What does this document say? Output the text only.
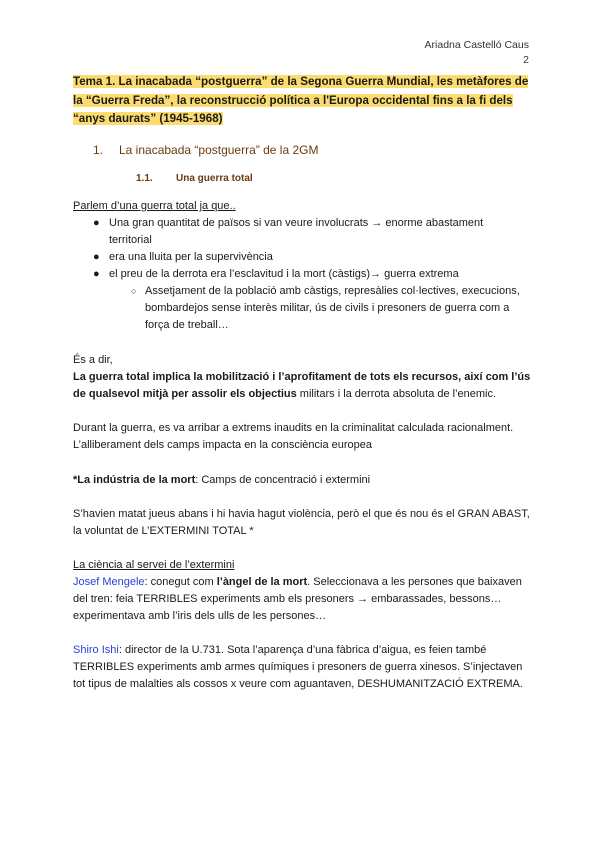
Ariadna Castelló Caus
2
Tema 1. La inacabada “postguerra” de la Segona Guerra Mundial, les metàfores de la “Guerra Freda”, la reconstrucció política a l'Europa occidental fins a la fi dels “anys daurats” (1945-1968)
1. La inacabada “postguerra” de la 2GM
1.1. Una guerra total
Parlem d’una guerra total ja que..
● Una gran quantitat de països si van veure involucrats → enorme abastament territorial
● era una lluita per la supervivència
● el preu de la derrota era l’esclavitud i la mort (càstigs)→ guerra extrema
○ Assetjament de la població amb càstigs, represàlies col·lectives, execucions, bombardejos sense interès militar, ús de civils i presoners de guerra com a força de treball…
És a dir,
La guerra total implica la mobilització i l’aprofitament de tots els recursos, així com l’ús de qualsevol mitjà per assolir els objectius militars i la derrota absoluta de l’enemic.
Durant la guerra, es va arribar a extrems inaudits en la criminalitat calculada racionalment.
L’alliberament dels camps impacta en la consciència europea
*La indústria de la mort: Camps de concentració i extermini
S’havien matat jueus abans i hi havia hagut violència, però el que és nou és el GRAN ABAST, la voluntat de L’EXTERMINI TOTAL *
La ciència al servei de l’extermini
Josef Mengele: conegut com l’àngel de la mort. Seleccionava a les persones que baixaven del tren: feia TERRIBLES experiments amb els presoners → embarassades, bessons… experimentava amb l’iris dels ulls de les persones…
Shiro Ishi: director de la U.731. Sota l’aparença d’una fàbrica d’aigua, es feien també TERRIBLES experiments amb armes químiques i presoners de guerra xinesos. S’injectaven tot tipus de malalties als cossos x veure com aguantaven, DESHUMANITZACIÓ EXTREMA.
